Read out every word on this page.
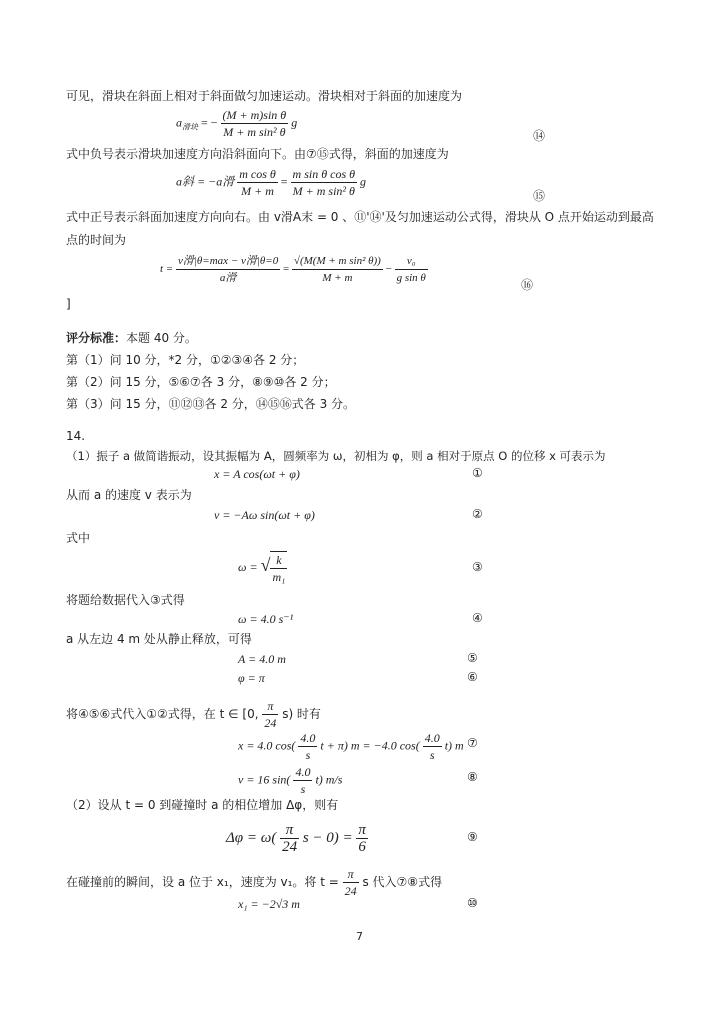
可见，滑块在斜面上相对于斜面做匀加速运动。滑块相对于斜面的加速度为
$a_{滑块}$ = − $\frac{\text{(M + m)sin θ}}{\text{M + m sin² θ}}$ g
⑭
式中负号表示滑块加速度方向沿斜面向下。由⑦⑮式得，斜面的加速度为
a斜 = −a滑 $\frac{\text{m cos θ}}{M + m} = \frac{\text{m sin θ cos θ}}{\text{M + m sin² θ}}$ g
⑮
式中正号表示斜面加速度方向向右。由 v滑A末 = 0 、⑪'⑭'及匀加速运动公式得，滑块从 O 点开始运动到最高
点的时间为
$t = \frac{\text{v滑|θ=max − v滑|θ=0}}{\text{a滑}} = \frac{\text{√(M(M + m sin² θ))}}{M + m} - \frac{\text{v₀}}{\text{g sin θ}}$	⑯
]
评分标准：本题 40 分。
第（1）问 10 分，*2 分，①②③④各 2 分；
第（2）问 15 分，⑤⑥⑦各 3 分，⑧⑨⑩各 2 分；
第（3）问 15 分，⑪⑫⑬各 2 分，⑭⑮⑯式各 3 分。
14.
（1）振子 a 做简谐振动，设其振幅为 A，圆频率为 ω，初相为 φ，则 a 相对于原点 O 的位移 x 可表示为
x = A cos(ωt + φ)	①
从而 a 的速度 v 表示为
v = −Aω sin(ωt + φ)	②
式中
ω = √ $\frac{k}{\text{m₁}}$	③
将题给数据代入③式得
ω = 4.0 s⁻¹	④
a 从左边 4 m 处从静止释放，可得
A = 4.0 m	⑤
φ = π	⑥
将④⑤⑥式代入①②式得，在 t ∈ [0, $\frac{\pi}{24} s$) 时有
x = 4.0 $\cos( \frac{4.0}{s}$ t + π) m = −4.0 $\cos( \frac{4.0}{s} t)$ m ⑦
v = 16 $\sin( \frac{4.0}{s} t)$ m/s	⑧
（2）设从 t = 0 到碰撞时 a 的相位增加 Δφ，则有
$\Delta\varphi = \omega( \frac{\pi}{24}$ $s - 0) = \frac{\pi}{6}$	⑨
在碰撞前的瞬间，设 a 位于 x₁，速度为 v₁。将 $t = \frac{\pi}{24}$ s 代入⑦⑧式得
x₁ = −2√3 m	⑩
7
